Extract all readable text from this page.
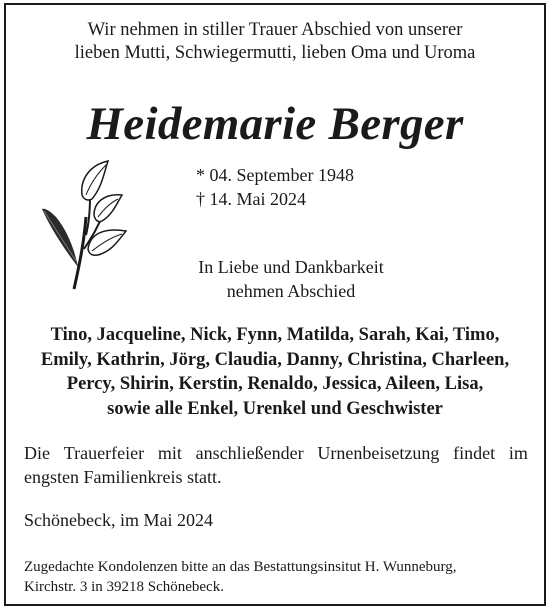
Wir nehmen in stiller Trauer Abschied von unserer
lieben Mutti, Schwiegermutti, lieben Oma und Uroma
Heidemarie Berger
* 04. September 1948
† 14. Mai 2024
In Liebe und Dankbarkeit
nehmen Abschied
Tino, Jacqueline, Nick, Fynn, Matilda, Sarah, Kai, Timo,
Emily, Kathrin, Jörg, Claudia, Danny, Christina, Charleen,
Percy, Shirin, Kerstin, Renaldo, Jessica, Aileen, Lisa,
sowie alle Enkel, Urenkel und Geschwister
Die Trauerfeier mit anschließender Urnenbeisetzung findet im
engsten Familienkreis statt.
Schönebeck, im Mai 2024
Zugedachte Kondolenzen bitte an das Bestattungsinsitut H. Wunneburg,
Kirchstr. 3 in 39218 Schönebeck.
